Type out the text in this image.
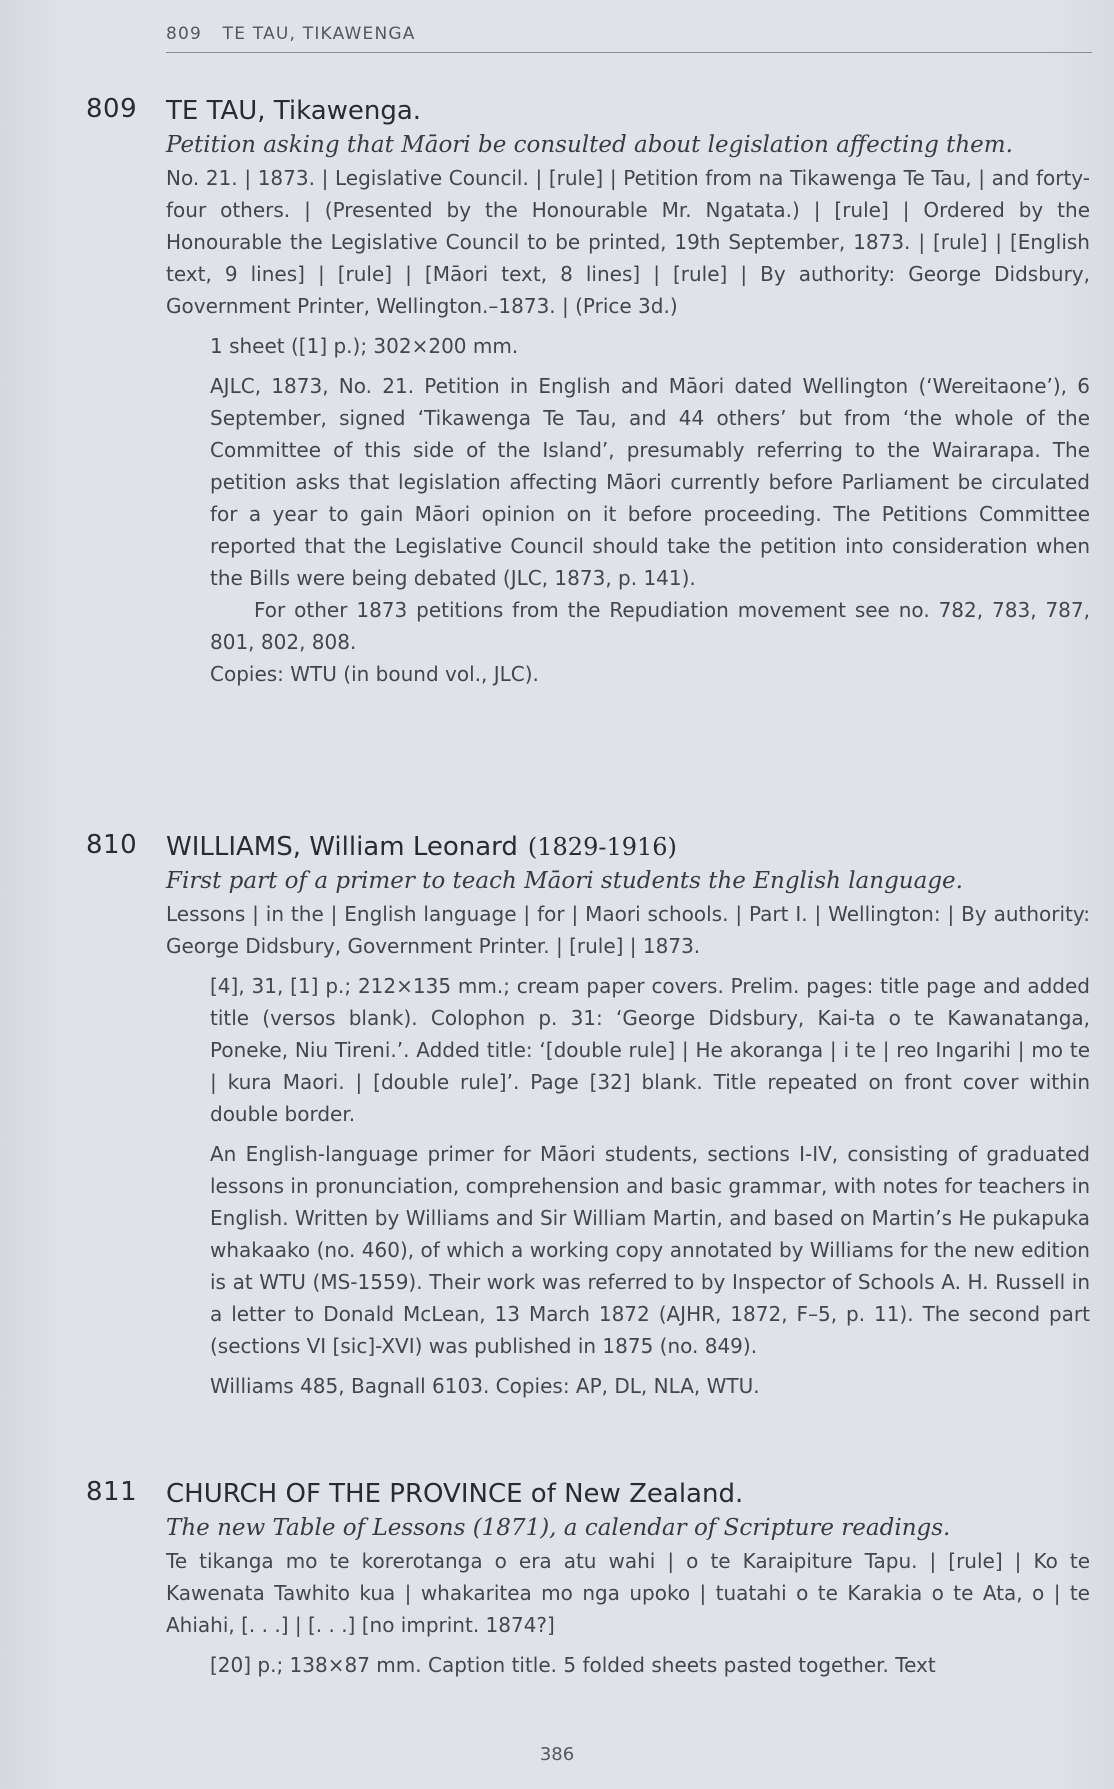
809 TE TAU, TIKAWENGA
809 TE TAU, Tikawenga.
Petition asking that Māori be consulted about legislation affecting them.
No. 21. | 1873. | Legislative Council. | [rule] | Petition from na Tikawenga Te Tau, | and forty-four others. | (Presented by the Honourable Mr. Ngatata.) | [rule] | Ordered by the Honourable the Legislative Council to be printed, 19th September, 1873. | [rule] | [English text, 9 lines] | [rule] | [Māori text, 8 lines] | [rule] | By authority: George Didsbury, Government Printer, Wellington.–1873. | (Price 3d.)
1 sheet ([1] p.); 302×200 mm.
AJLC, 1873, No. 21. Petition in English and Māori dated Wellington (‘Wereitaone’), 6 September, signed ‘Tikawenga Te Tau, and 44 others’ but from ‘the whole of the Committee of this side of the Island’, presumably referring to the Wairarapa. The petition asks that legislation affecting Māori currently before Parliament be circulated for a year to gain Māori opinion on it before proceeding. The Petitions Committee reported that the Legislative Council should take the petition into consideration when the Bills were being debated (JLC, 1873, p. 141).
For other 1873 petitions from the Repudiation movement see no. 782, 783, 787, 801, 802, 808.
Copies: WTU (in bound vol., JLC).
810 WILLIAMS, William Leonard (1829-1916)
First part of a primer to teach Māori students the English language.
Lessons | in the | English language | for | Maori schools. | Part I. | Wellington: | By authority: George Didsbury, Government Printer. | [rule] | 1873.
[4], 31, [1] p.; 212×135 mm.; cream paper covers. Prelim. pages: title page and added title (versos blank). Colophon p. 31: ‘George Didsbury, Kai-ta o te Kawanatanga, Poneke, Niu Tireni.’. Added title: ‘[double rule] | He akoranga | i te | reo Ingarihi | mo te | kura Maori. | [double rule]’. Page [32] blank. Title repeated on front cover within double border.
An English-language primer for Māori students, sections I-IV, consisting of graduated lessons in pronunciation, comprehension and basic grammar, with notes for teachers in English. Written by Williams and Sir William Martin, and based on Martin’s He pukapuka whakaako (no. 460), of which a working copy annotated by Williams for the new edition is at WTU (MS-1559). Their work was referred to by Inspector of Schools A. H. Russell in a letter to Donald McLean, 13 March 1872 (AJHR, 1872, F–5, p. 11). The second part (sections VI [sic]-XVI) was published in 1875 (no. 849).
Williams 485, Bagnall 6103. Copies: AP, DL, NLA, WTU.
811 CHURCH OF THE PROVINCE of New Zealand.
The new Table of Lessons (1871), a calendar of Scripture readings.
Te tikanga mo te korerotanga o era atu wahi | o te Karaipiture Tapu. | [rule] | Ko te Kawenata Tawhito kua | whakaritea mo nga upoko | tuatahi o te Karakia o te Ata, o | te Ahiahi, [. . .] | [. . .] [no imprint. 1874?]
[20] p.; 138×87 mm. Caption title. 5 folded sheets pasted together. Text
386
